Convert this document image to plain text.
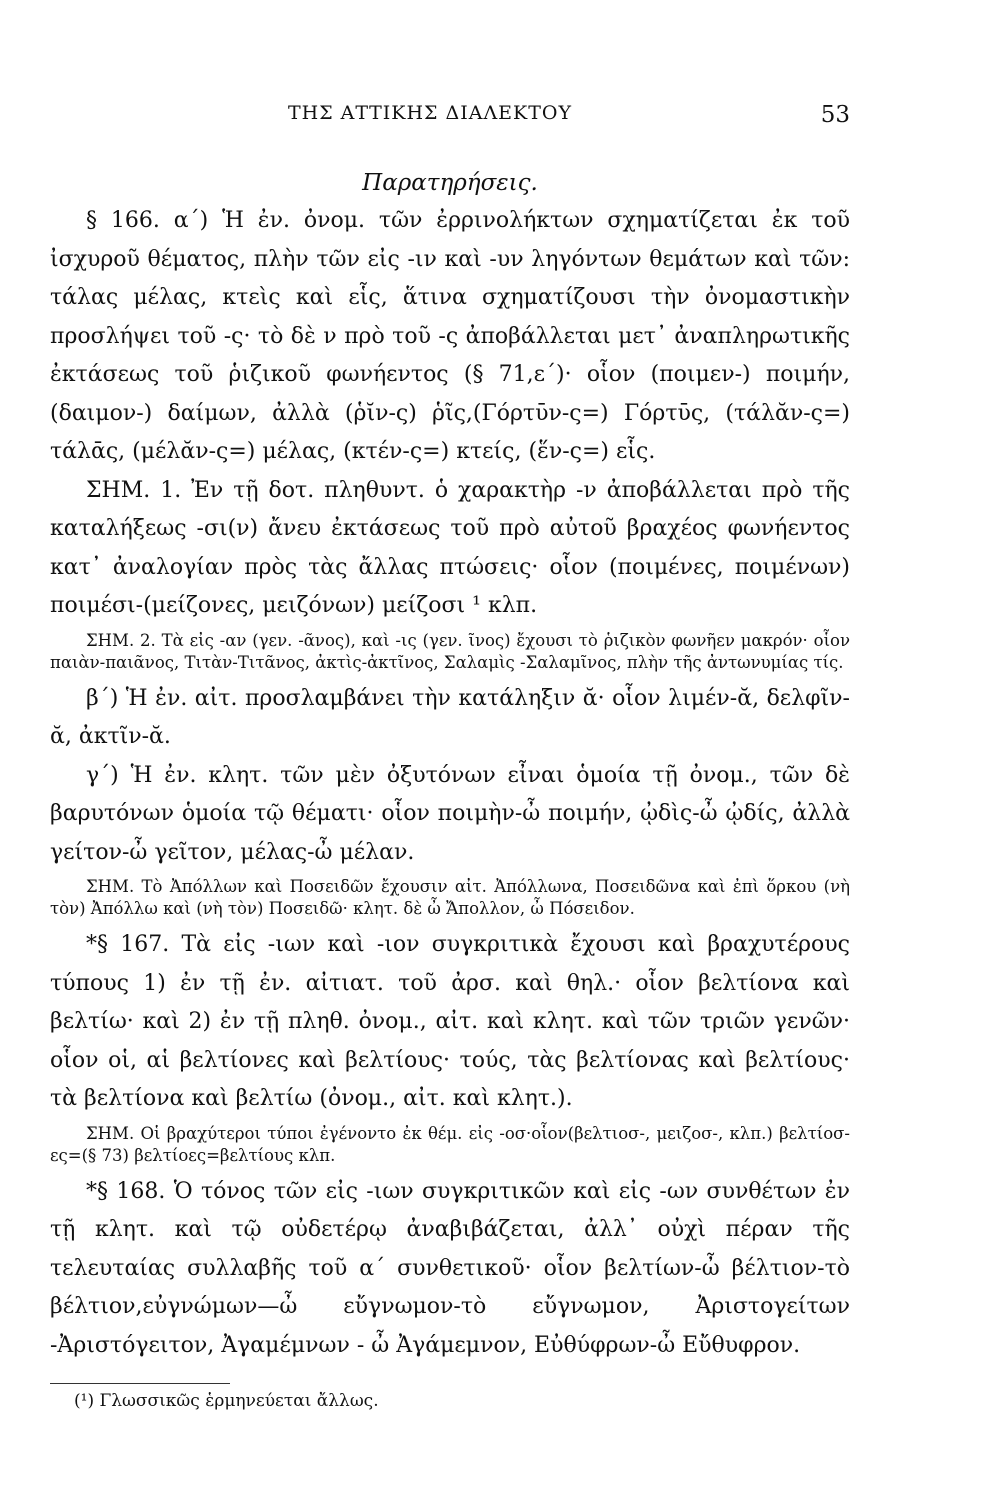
ΤΗΣ ΑΤΤΙΚΗΣ ΔΙΑΛΕΚΤΟΥ	53
Παρατηρήσεις.

§ 166. α΄) Ἡ ἐν. ὀνομ. τῶν ἐρρινολήκτων σχηματίζεται ἐκ τοῦ ἰσχυροῦ θέματος, πλὴν τῶν εἰς -ιν καὶ -υν ληγόντων θεμάτων καὶ τῶν: τάλας μέλας, κτεὶς καὶ εἷς, ἅτινα σχηματίζουσι τὴν ὀνομαστικὴν προσλήψει τοῦ -ς· τὸ δὲ ν πρὸ τοῦ -ς ἀποβάλλεται μετ᾿ ἀναπληρωτικῆς ἐκτάσεως τοῦ ῥιζικοῦ φωνήεντος (§ 71,ε΄)· οἷον (ποιμεν-) ποιμήν,(δαιμον-) δαίμων, ἀλλὰ (ῥῐν-ς) ῥῖς,(Γόρτῡν-ς=) Γόρτῡς, (τάλᾰν-ς=) τάλᾱς, (μέλᾰν-ς=) μέλας, (κτέν-ς=) κτείς, (ἕν-ς=) εἷς.

ΣΗΜ. 1. Ἐν τῇ δοτ. πληθυντ. ὁ χαρακτὴρ -ν ἀποβάλλεται πρὸ τῆς καταλήξεως -σι(ν) ἄνευ ἐκτάσεως τοῦ πρὸ αὐτοῦ βραχέος φωνήεντος κατ᾿ ἀναλογίαν πρὸς τὰς ἄλλας πτώσεις· οἷον (ποιμένες, ποιμένων) ποιμέσι-(μείζονες, μειζόνων) μείζοσι ¹ κλπ.

ΣΗΜ. 2. Τὰ εἰς -αν (γεν. -ᾶνος), καὶ -ις (γεν. ῖνος) ἔχουσι τὸ ῥιζικὸν φωνῆεν μακρόν· οἷον παιὰν-παιᾶνος, Τιτὰν-Τιτᾶνος, ἀκτὶς-ἀκτῖνος, Σαλαμὶς -Σαλαμῖνος, πλὴν τῆς ἀντωνυμίας τίς.

β΄) Ἡ ἐν. αἰτ. προσλαμβάνει τὴν κατάληξιν ᾰ· οἷον λιμέν-ᾰ, δελφῖν-ᾰ, ἀκτῖν-ᾰ.

γ΄) Ἡ ἐν. κλητ. τῶν μὲν ὀξυτόνων εἶναι ὁμοία τῇ ὀνομ., τῶν δὲ βαρυτόνων ὁμοία τῷ θέματι· οἷον ποιμὴν-ὦ ποιμήν, ᾠδὶς-ὦ ᾠδίς, ἀλλὰ γείτον-ὦ γεῖτον, μέλας-ὦ μέλαν.

ΣΗΜ. Τὸ Ἀπόλλων καὶ Ποσειδῶν ἔχουσιν αἰτ. Ἀπόλλωνα, Ποσειδῶνα καὶ ἐπὶ ὅρκου (νὴ τὸν) Ἀπόλλω καὶ (νὴ τὸν) Ποσειδῶ· κλητ. δὲ ὦ Ἄπολλον, ὦ Πόσειδον.

*§ 167. Τὰ εἰς -ιων καὶ -ιον συγκριτικὰ ἔχουσι καὶ βραχυτέρους τύπους 1) ἐν τῇ ἐν. αἰτιατ. τοῦ ἀρσ. καὶ θηλ.· οἷον βελτίονα καὶ βελτίω· καὶ 2) ἐν τῇ πληθ. ὀνομ., αἰτ. καὶ κλητ. καὶ τῶν τριῶν γενῶν· οἷον οἱ, αἱ βελτίονες καὶ βελτίους· τούς, τὰς βελτίονας καὶ βελτίους· τὰ βελτίονα καὶ βελτίω (ὀνομ., αἰτ. καὶ κλητ.).

ΣΗΜ. Οἱ βραχύτεροι τύποι ἐγένοντο ἐκ θέμ. εἰς -οσ·οἷον(βελτιοσ-, μειζοσ-, κλπ.) βελτίοσ-ες=(§ 73) βελτίοες=βελτίους κλπ.

*§ 168. Ὁ τόνος τῶν εἰς -ιων συγκριτικῶν καὶ εἰς -ων συνθέτων ἐν τῇ κλητ. καὶ τῷ οὐδετέρῳ ἀναβιβάζεται, ἀλλ᾿ οὐχὶ πέραν τῆς τελευταίας συλλαβῆς τοῦ α΄ συνθετικοῦ· οἷον βελτίων-ὦ βέλτιον-τὸ βέλτιον,εὐγνώμων—ὦ εὔγνωμον-τὸ εὔγνωμον, Ἀριστογείτων -Ἀριστόγειτον, Ἀγαμέμνων - ὦ Ἀγάμεμνον, Εὐθύφρων-ὦ Εὔθυφρον.

(¹) Γλωσσικῶς ἑρμηνεύεται ἄλλως.
